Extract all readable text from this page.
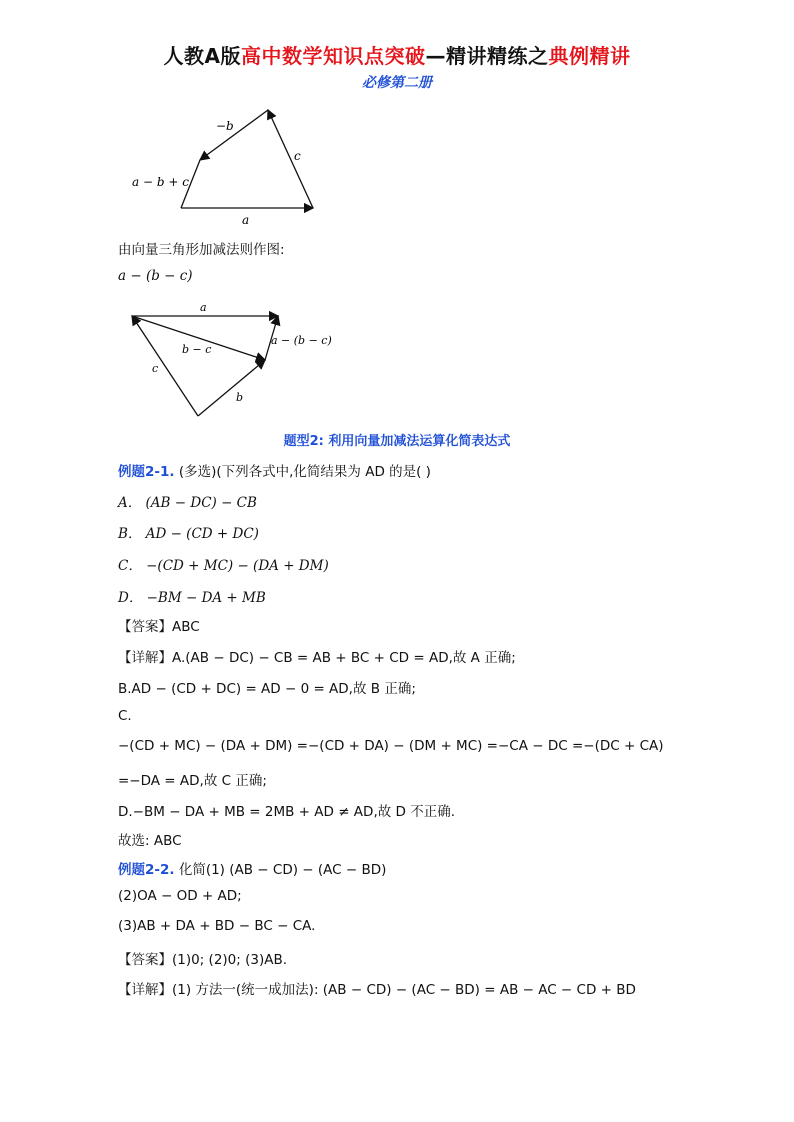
人教A版高中数学知识点突破—精讲精练之典例精讲
必修第二册
a
c
−b
a − b + c
由向量三角形加减法则作图:
a − (b − c)
a
b − c
c
b
a − (b − c)
题型2: 利用向量加减法运算化简表达式
例题2-1. (多选)(下列各式中,化简结果为 AD 的是( )
A． (AB − DC) − CB
B． AD − (CD + DC)
C． −(CD + MC) − (DA + DM)
D． −BM − DA + MB
【答案】ABC
【详解】A.(AB − DC) − CB = AB + BC + CD = AD,故 A 正确;
B.AD − (CD + DC) = AD − 0 = AD,故 B 正确;
C.
−(CD + MC) − (DA + DM) =−(CD + DA) − (DM + MC) =−CA − DC =−(DC + CA)
=−DA = AD,故 C 正确;
D.−BM − DA + MB = 2MB + AD ≠ AD,故 D 不正确.
故选: ABC
例题2-2. 化简(1) (AB − CD) − (AC − BD)
(2)OA − OD + AD;
(3)AB + DA + BD − BC − CA.
【答案】(1)0; (2)0; (3)AB.
【详解】(1) 方法一(统一成加法): (AB − CD) − (AC − BD) = AB − AC − CD + BD
